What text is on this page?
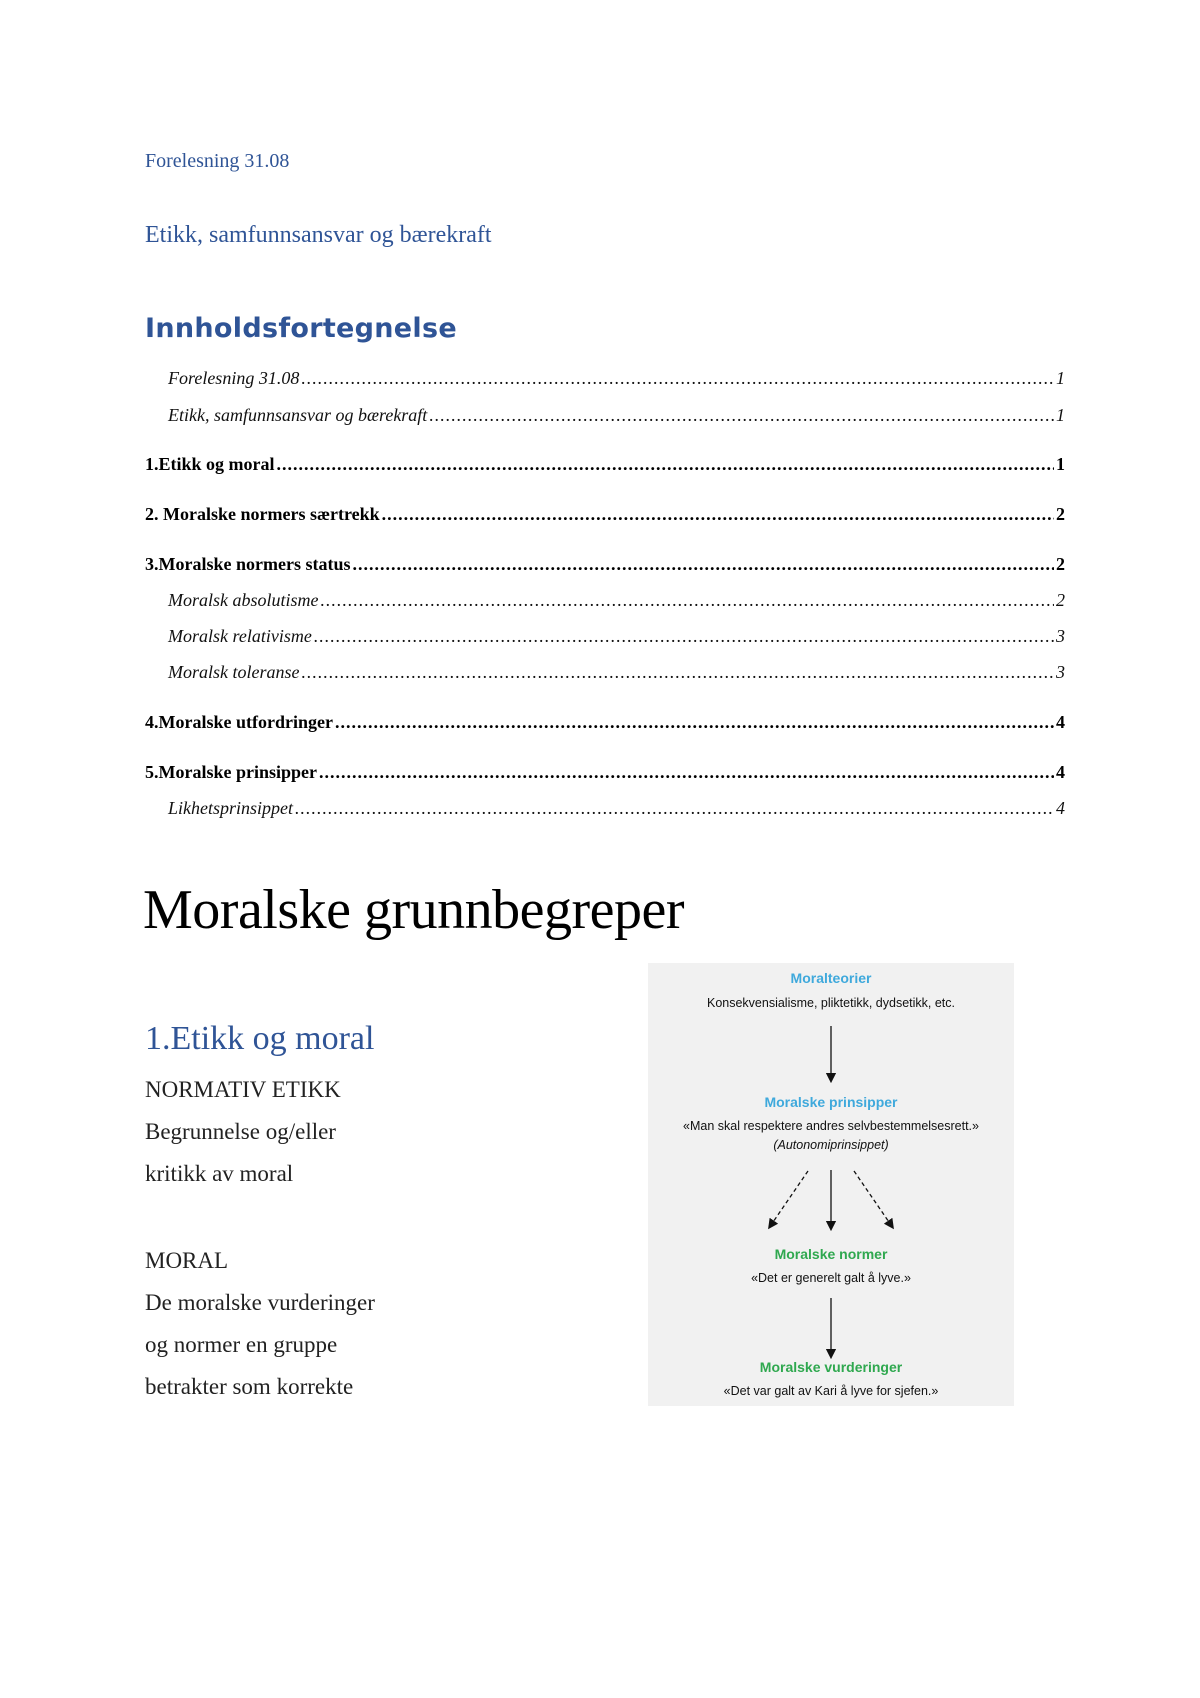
Forelesning 31.08
Etikk, samfunnsansvar og bærekraft
Innholdsfortegnelse
Forelesning 31.08 .....	1
Etikk, samfunnsansvar og bærekraft .....	1
1.Etikk og moral .....	1
2. Moralske normers særtrekk .....	2
3.Moralske normers status .....	2
Moralsk absolutisme .....	2
Moralsk relativisme .....	3
Moralsk toleranse .....	3
4.Moralske utfordringer .....	4
5.Moralske prinsipper .....	4
Likhetsprinsippet .....	4
Moralske grunnbegreper
1.Etikk og moral
NORMATIV ETIKK
Begrunnelse og/eller
kritikk av moral
MORAL
De moralske vurderinger
og normer en gruppe
betrakter som korrekte
Moralteorier
Konsekvensialisme, pliktetikk, dydsetikk, etc.
Moralske prinsipper
«Man skal respektere andres selvbestemmelsesrett.»
(Autonomiprinsippet)
Moralske normer
«Det er generelt galt å lyve.»
Moralske vurderinger
«Det var galt av Kari å lyve for sjefen.»
